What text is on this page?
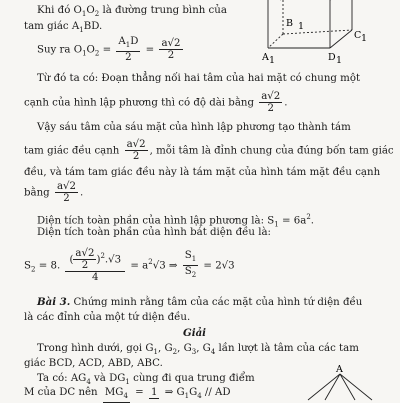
B 1
C 1
A 1	D 1
A
Khi đó $O_1O_2$ là đường trung bình của
tam giác $A_1BD$.
Suy ra $O_1O_2 = \frac{A_1D}{2} = \frac{a√2}{2}$
Từ đó ta có: Đoạn thẳng nối hai tâm của hai mặt có chung một
cạnh của hình lập phương thì có độ dài bằng $\frac{a√2}{2}$ .
Vậy sáu tâm của sáu mặt của hình lập phương tạo thành tám
tam giác đều cạnh $\frac{a√2}{2}$ , mỗi tâm là đỉnh chung của đúng bốn tam giác
đều, và tám tam giác đều này là tám mặt của hình tám mặt đều cạnh
bằng $\frac{a√2}{2}$ .
Diện tích toàn phần của hình lập phương là: $S_1 = 6a^2$.
Diện tích toàn phần của hình bát diện đều là:
$S_2 = 8$. $\frac{( \frac{a√2}{2} )^2.√3}{4} = a^2√3$ ⇒ $\frac{S_1}{S_2} = 2√3$
Bài 3. Chứng minh rằng tâm của các mặt của hình tứ diện đều
là các đỉnh của một tứ diện đều.
Giải
Trong hình dưới, gọi $G_1$, $G_2$, $G_3$, $G_4$ lần lượt là tâm của các tam
giác BCD, ACD, ABD, ABC.
Ta có: $AG_4$ và $DG_1$ cùng đi qua trung điểm
M của DC nên $MG_4 = 1$ ⇒ $G_1G_4$ // AD
